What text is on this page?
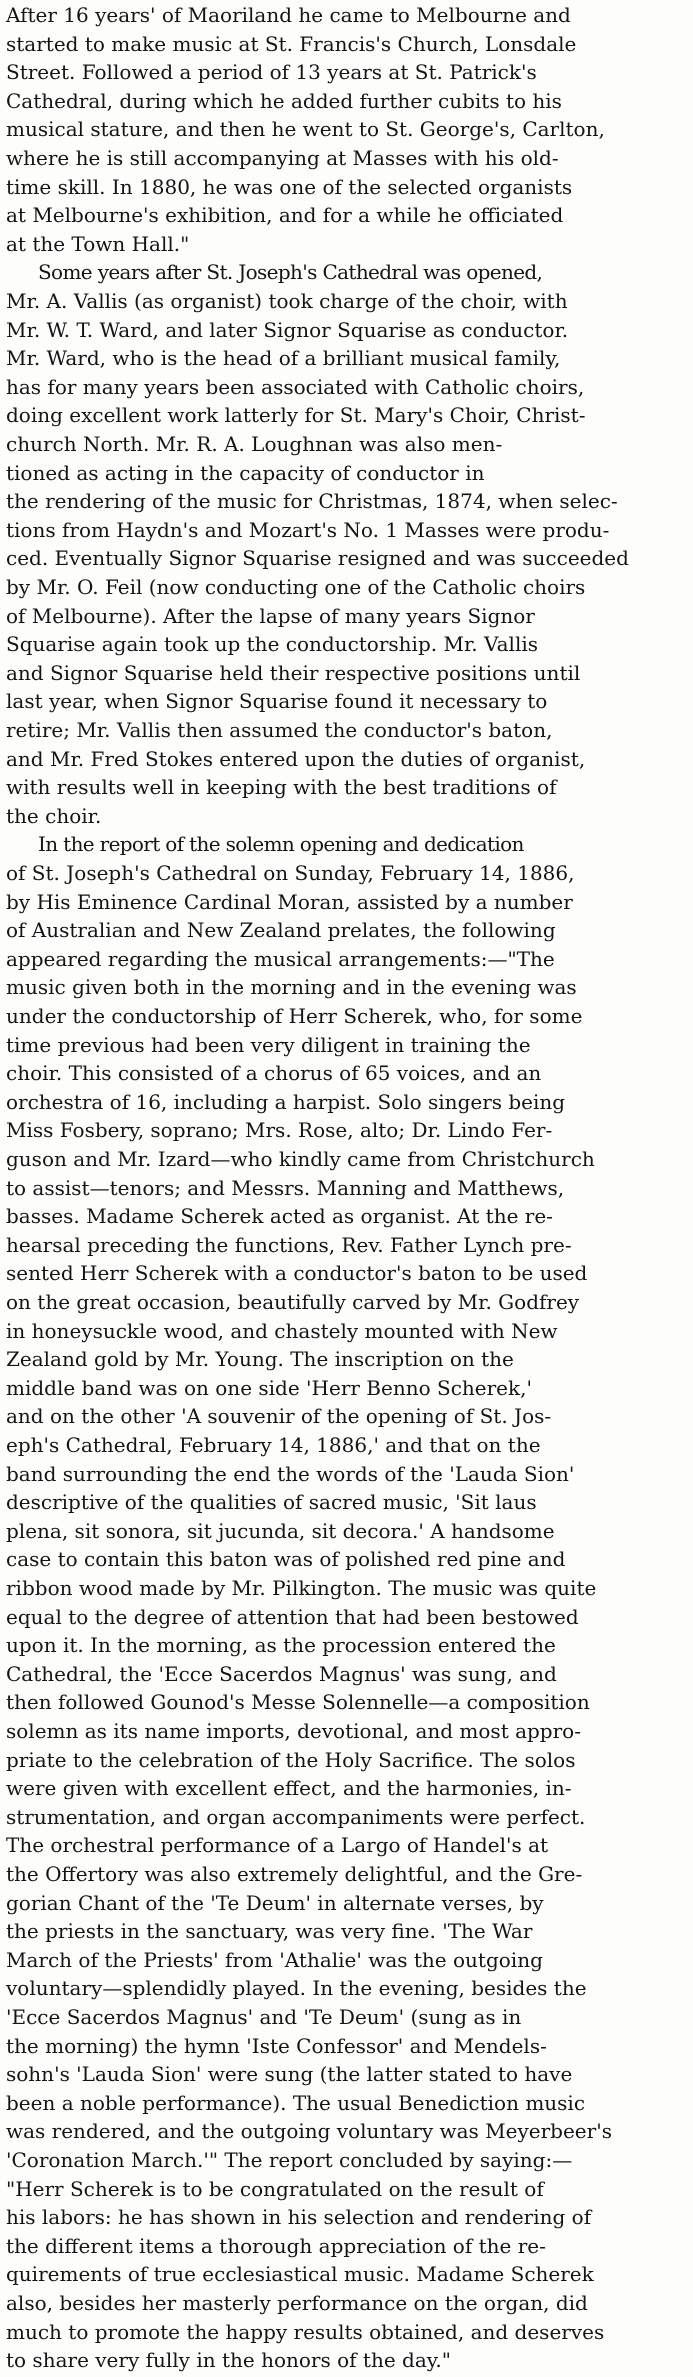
After 16 years' of Maoriland he came to Melbourne and
started to make music at St. Francis's Church, Lonsdale
Street. Followed a period of 13 years at St. Patrick's
Cathedral, during which he added further cubits to his
musical stature, and then he went to St. George's, Carlton,
where he is still accompanying at Masses with his old-
time skill. In 1880, he was one of the selected organists
at Melbourne's exhibition, and for a while he officiated
at the Town Hall."
Some years after St. Joseph's Cathedral was opened,
Mr. A. Vallis (as organist) took charge of the choir, with
Mr. W. T. Ward, and later Signor Squarise as conductor.
Mr. Ward, who is the head of a brilliant musical family,
has for many years been associated with Catholic choirs,
doing excellent work latterly for St. Mary's Choir, Christ-
church North. Mr. R. A. Loughnan was also men-
tioned as acting in the capacity of conductor in
the rendering of the music for Christmas, 1874, when selec-
tions from Haydn's and Mozart's No. 1 Masses were produ-
ced. Eventually Signor Squarise resigned and was succeeded
by Mr. O. Feil (now conducting one of the Catholic choirs
of Melbourne). After the lapse of many years Signor
Squarise again took up the conductorship. Mr. Vallis
and Signor Squarise held their respective positions until
last year, when Signor Squarise found it necessary to
retire; Mr. Vallis then assumed the conductor's baton,
and Mr. Fred Stokes entered upon the duties of organist,
with results well in keeping with the best traditions of
the choir.
In the report of the solemn opening and dedication
of St. Joseph's Cathedral on Sunday, February 14, 1886,
by His Eminence Cardinal Moran, assisted by a number
of Australian and New Zealand prelates, the following
appeared regarding the musical arrangements:—"The
music given both in the morning and in the evening was
under the conductorship of Herr Scherek, who, for some
time previous had been very diligent in training the
choir. This consisted of a chorus of 65 voices, and an
orchestra of 16, including a harpist. Solo singers being
Miss Fosbery, soprano; Mrs. Rose, alto; Dr. Lindo Fer-
guson and Mr. Izard—who kindly came from Christchurch
to assist—tenors; and Messrs. Manning and Matthews,
basses. Madame Scherek acted as organist. At the re-
hearsal preceding the functions, Rev. Father Lynch pre-
sented Herr Scherek with a conductor's baton to be used
on the great occasion, beautifully carved by Mr. Godfrey
in honeysuckle wood, and chastely mounted with New
Zealand gold by Mr. Young. The inscription on the
middle band was on one side 'Herr Benno Scherek,'
and on the other 'A souvenir of the opening of St. Jos-
eph's Cathedral, February 14, 1886,' and that on the
band surrounding the end the words of the 'Lauda Sion'
descriptive of the qualities of sacred music, 'Sit laus
plena, sit sonora, sit jucunda, sit decora.' A handsome
case to contain this baton was of polished red pine and
ribbon wood made by Mr. Pilkington. The music was quite
equal to the degree of attention that had been bestowed
upon it. In the morning, as the procession entered the
Cathedral, the 'Ecce Sacerdos Magnus' was sung, and
then followed Gounod's Messe Solennelle—a composition
solemn as its name imports, devotional, and most appro-
priate to the celebration of the Holy Sacrifice. The solos
were given with excellent effect, and the harmonies, in-
strumentation, and organ accompaniments were perfect.
The orchestral performance of a Largo of Handel's at
the Offertory was also extremely delightful, and the Gre-
gorian Chant of the 'Te Deum' in alternate verses, by
the priests in the sanctuary, was very fine. 'The War
March of the Priests' from 'Athalie' was the outgoing
voluntary—splendidly played. In the evening, besides the
'Ecce Sacerdos Magnus' and 'Te Deum' (sung as in
the morning) the hymn 'Iste Confessor' and Mendels-
sohn's 'Lauda Sion' were sung (the latter stated to have
been a noble performance). The usual Benediction music
was rendered, and the outgoing voluntary was Meyerbeer's
'Coronation March.'" The report concluded by saying:—
"Herr Scherek is to be congratulated on the result of
his labors: he has shown in his selection and rendering of
the different items a thorough appreciation of the re-
quirements of true ecclesiastical music. Madame Scherek
also, besides her masterly performance on the organ, did
much to promote the happy results obtained, and deserves
to share very fully in the honors of the day."
